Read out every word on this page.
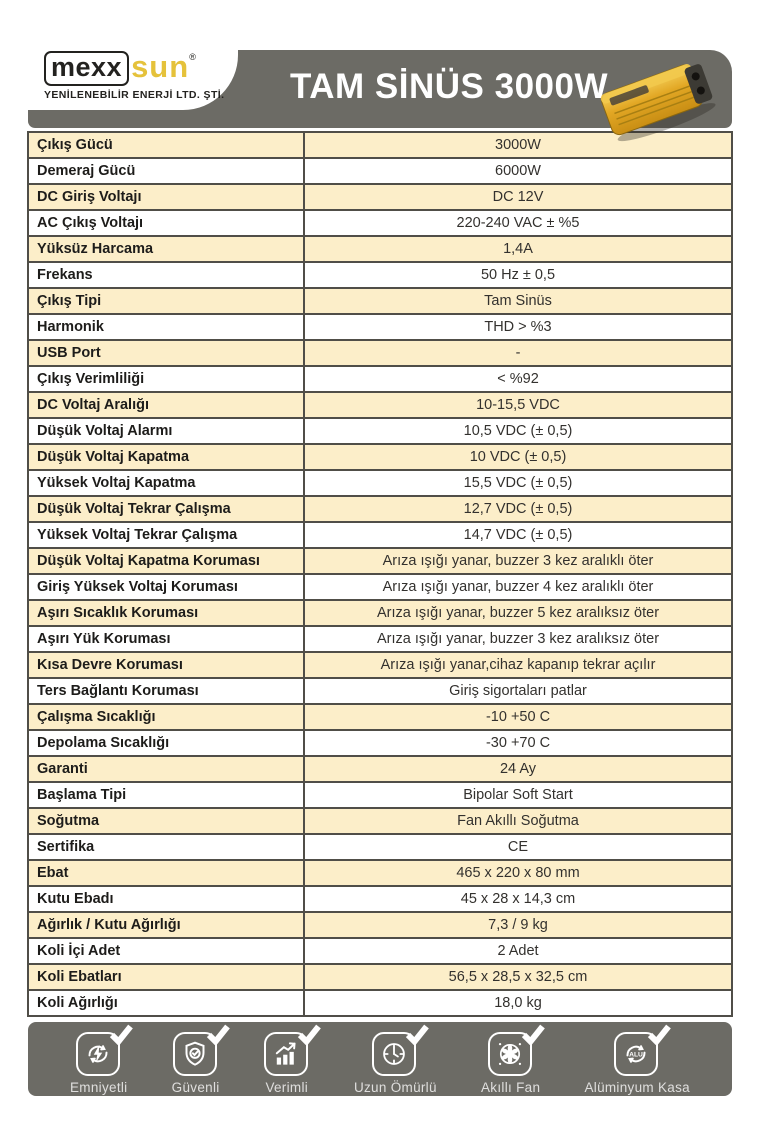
mexx sun ®
YENİLENEBİLİR ENERJİ LTD. ŞTİ.	TAM SİNÜS 3000W
Çıkış Gücü	3000W
Demeraj Gücü	6000W
DC Giriş Voltajı	DC 12V
AC Çıkış Voltajı	220-240 VAC ± %5
Yüksüz Harcama	1,4A
Frekans	50 Hz ± 0,5
Çıkış Tipi	Tam Sinüs
Harmonik	THD > %3
USB Port	-
Çıkış Verimliliği	< %92
DC Voltaj Aralığı	10-15,5 VDC
Düşük Voltaj Alarmı	10,5 VDC (± 0,5)
Düşük Voltaj Kapatma	10 VDC (± 0,5)
Yüksek Voltaj Kapatma	15,5 VDC (± 0,5)
Düşük Voltaj Tekrar Çalışma	12,7 VDC (± 0,5)
Yüksek Voltaj Tekrar Çalışma	14,7 VDC (± 0,5)
Düşük Voltaj Kapatma Koruması	Arıza ışığı yanar, buzzer 3 kez aralıklı öter
Giriş Yüksek Voltaj Koruması	Arıza ışığı yanar, buzzer 4 kez aralıklı öter
Aşırı Sıcaklık Koruması	Arıza ışığı yanar, buzzer 5 kez aralıksız öter
Aşırı Yük Koruması	Arıza ışığı yanar, buzzer 3 kez aralıksız öter
Kısa Devre Koruması	Arıza ışığı yanar,cihaz kapanıp tekrar açılır
Ters Bağlantı Koruması	Giriş sigortaları patlar
Çalışma Sıcaklığı	-10 +50 C
Depolama Sıcaklığı	-30 +70 C
Garanti	24 Ay
Başlama Tipi	Bipolar Soft Start
Soğutma	Fan Akıllı Soğutma
Sertifika	CE
Ebat	465 x 220 x 80 mm
Kutu Ebadı	45 x 28 x 14,3 cm
Ağırlık / Kutu Ağırlığı	7,3 / 9 kg
Koli İçi Adet	2 Adet
Koli Ebatları	56,5 x 28,5 x 32,5 cm
Koli Ağırlığı	18,0 kg
Emniyetli	Güvenli	Verimli	Uzun Ömürlü	Akıllı Fan
ALU
Alüminyum Kasa
